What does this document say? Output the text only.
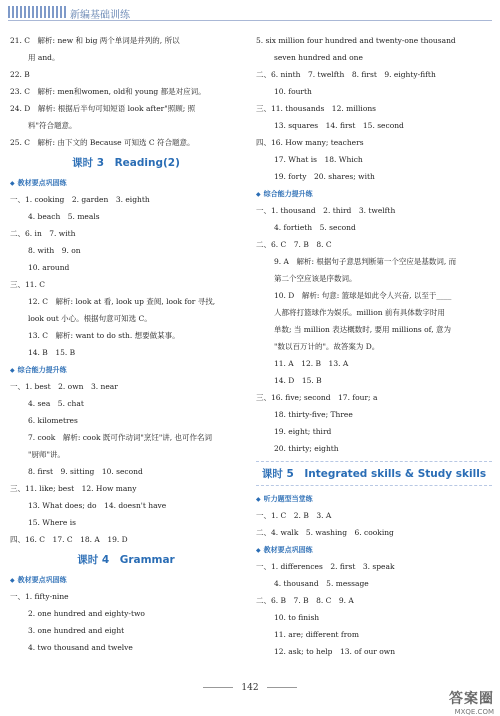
新编基础训练
21. C　解析: new 和 big 两个单词是并列的, 所以
用 and。
22. B
23. C　解析: men和women, old和 young 都是对应词。
24. D　解析: 根据后半句可知短语 look after"照顾; 照
料"符合题意。
25. C　解析: 由下文的 Because 可知选 C 符合题意。
课时 3　Reading(2)
◆ 教材要点巩固练
一、1. cooking　2. garden　3. eighth
4. beach　5. meals
二、6. in　7. with
8. with　9. on
10. around
三、11. C
12. C　解析: look at 看, look up 查阅, look for 寻找,
look out 小心。根据句意可知选 C。
13. C　解析: want to do sth. 想要做某事。
14. B　15. B
◆ 综合能力提升练
一、1. best　2. own　3. near
4. sea　5. chat
6. kilometres
7. cook　解析: cook 既可作动词"烹饪"讲, 也可作名词
"厨师"讲。
8. first　9. sitting　10. second
三、11. like; best　12. How many
13. What does; do　14. doesn't have
15. Where is
四、16. C　17. C　18. A　19. D
课时 4　Grammar
◆ 教材要点巩固练
一、1. fifty-nine
2. one hundred and eighty-two
3. one hundred and eight
4. two thousand and twelve
5. six million four hundred and twenty-one thousand
seven hundred and one
二、6. ninth　7. twelfth　8. first　9. eighty-fifth
10. fourth
三、11. thousands　12. millions
13. squares　14. first　15. second
四、16. How many; teachers
17. What is　18. Which
19. forty　20. shares; with
◆ 综合能力提升练
一、1. thousand　2. third　3. twelfth
4. fortieth　5. second
二、6. C　7. B　8. C
9. A　解析: 根据句子意思判断第一个空应是基数词, 而
第二个空应该是序数词。
10. D　解析: 句意: 篮球是如此令人兴奋, 以至于____
人都将打篮球作为娱乐。million 前有具体数字时用
单数; 当 million 表达概数时, 要用 millions of, 意为
"数以百万计的"。故答案为 D。
11. A　12. B　13. A
14. D　15. B
三、16. five; second　17. four; a
18. thirty-five; Three
19. eight; third
20. thirty; eighth
课时 5　Integrated skills & Study skills
◆ 听力题型当堂练
一、1. C　2. B　3. A
二、4. walk　5. washing　6. cooking
◆ 教材要点巩固练
一、1. differences　2. first　3. speak
4. thousand　5. message
二、6. B　7. B　8. C　9. A
10. to finish
11. are; different from
12. ask; to help　13. of our own
142
答案圈
MXQE.COM
